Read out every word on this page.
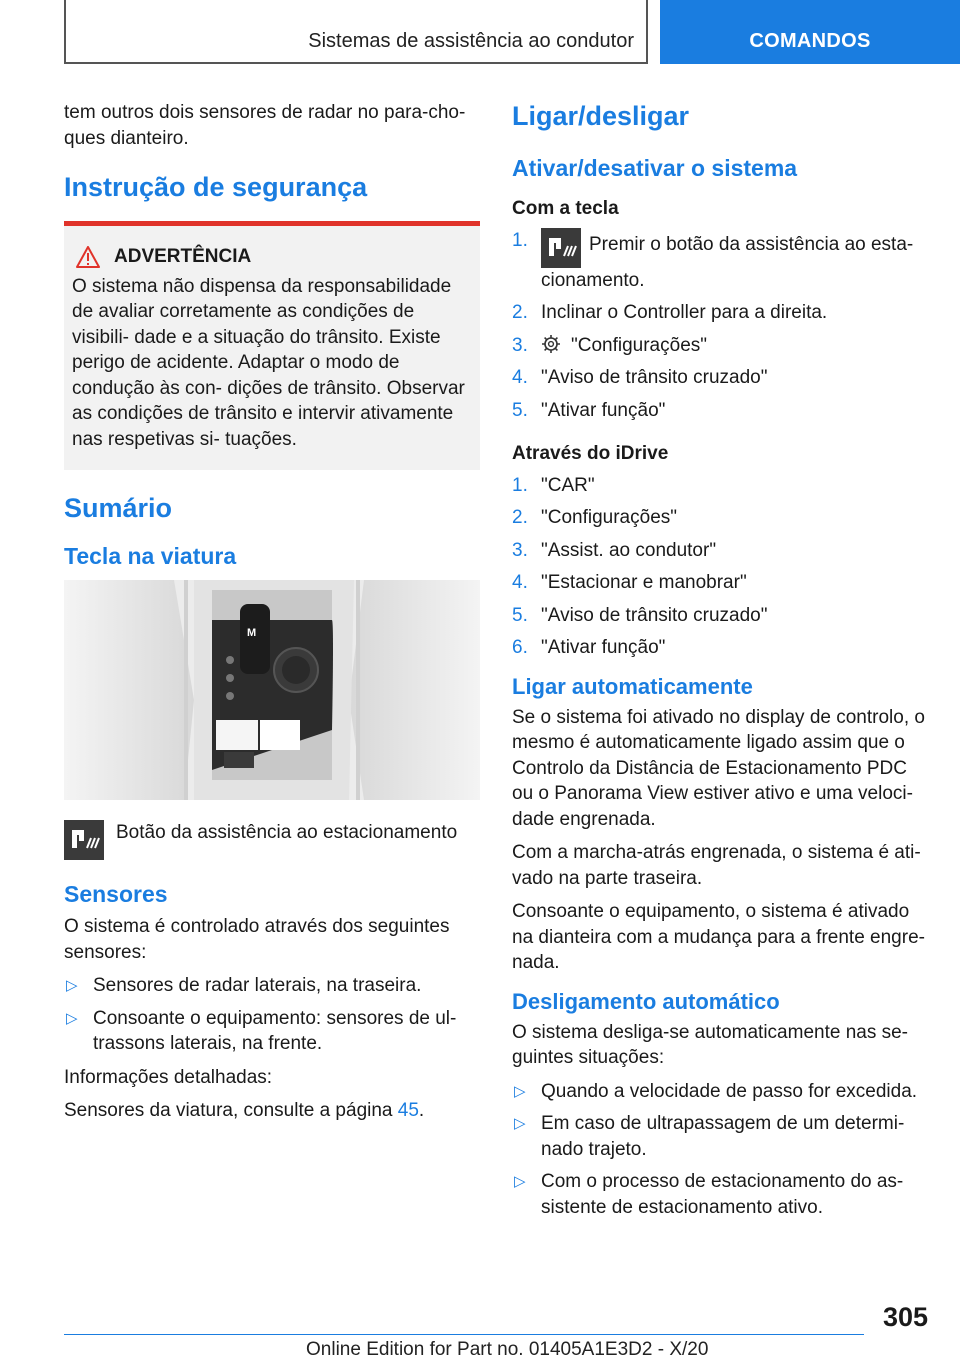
Sistemas de assistência ao condutor	COMANDOS

tem outros dois sensores de radar no para-cho- ques dianteiro.

Instrução de segurança
ADVERTÊNCIA
O sistema não dispensa da responsabilidade de avaliar corretamente as condições de visibili- dade e a situação do trânsito. Existe perigo de acidente. Adaptar o modo de condução às con- dições de trânsito. Observar as condições de trânsito e intervir ativamente nas respetivas si- tuações.
Sumário
Tecla na viatura
M
Botão da assistência ao estacionamento
Sensores

O sistema é controlado através dos seguintes sensores:

▷ Sensores de radar laterais, na traseira.
▷ Consoante o equipamento: sensores de ul- trassons laterais, na frente.

Informações detalhadas:

Sensores da viatura, consulte a página 45.

Ligar/desligar
Ativar/desativar o sistema
Com a tecla
1.	Premir o botão da assistência ao esta- cionamento.
2. Inclinar o Controller para a direita.
3.	"Configurações"
4. "Aviso de trânsito cruzado"
5. "Ativar função"
Através do iDrive
1. "CAR"
2. "Configurações"
3. "Assist. ao condutor"
4. "Estacionar e manobrar"
5. "Aviso de trânsito cruzado"
6. "Ativar função"
Ligar automaticamente

Se o sistema foi ativado no display de controlo, o mesmo é automaticamente ligado assim que o Controlo da Distância de Estacionamento PDC ou o Panorama View estiver ativo e uma veloci- dade engrenada.

Com a marcha-atrás engrenada, o sistema é ati- vado na parte traseira.

Consoante o equipamento, o sistema é ativado na dianteira com a mudança para a frente engre- nada.

Desligamento automático

O sistema desliga-se automaticamente nas se- guintes situações:

▷ Quando a velocidade de passo for excedida.
▷ Em caso de ultrapassagem de um determi- nado trajeto.
▷ Com o processo de estacionamento do as- sistente de estacionamento ativo.
305
Online Edition for Part no. 01405A1E3D2 - X/20
